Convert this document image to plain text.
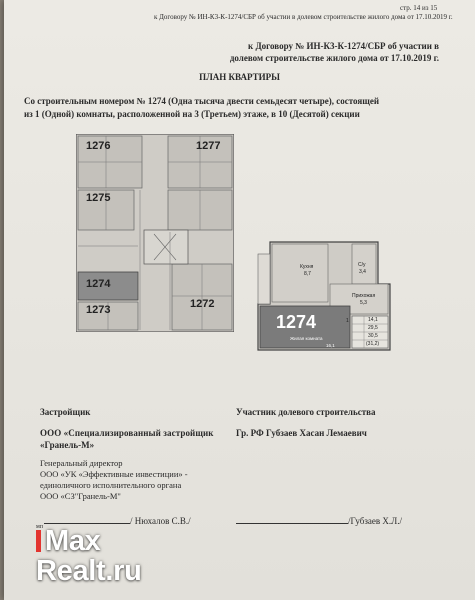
стр. 14 из 15
к Договору № ИН-К3-К-1274/СБР об участии в долевом строительстве жилого дома от 17.10.2019 г.
к Договору № ИН-К3-К-1274/СБР об участии в
долевом строительстве жилого дома от 17.10.2019 г.
ПЛАН КВАРТИРЫ
Со строительным номером № 1274 (Одна тысяча двести семьдесят четыре), состоящей
из 1 (Одной) комнаты, расположенной на 3 (Третьем) этаже, в 10 (Десятой) секции
1276	1277
1275
1274
1273	1272
Кухня
8,7
С/у
3,4
Прихожая
5,3
1274
Жилая комната
16,1
1	14,1
29,5
30,5
(31,2)
Застройщик
ООО «Специализированный застройщик
«Гранель-М»
Участник долевого строительства
Гр. РФ Губзаев Хасан Лемаевич
Генеральный директор
ООО «УК «Эффективные инвестиции» -
единоличного исполнительного органа
ООО «СЗ"Гранель-М"
/ Нюхалов С.В./	/Губзаев Х.Л./
мп Max
Realt.ru
